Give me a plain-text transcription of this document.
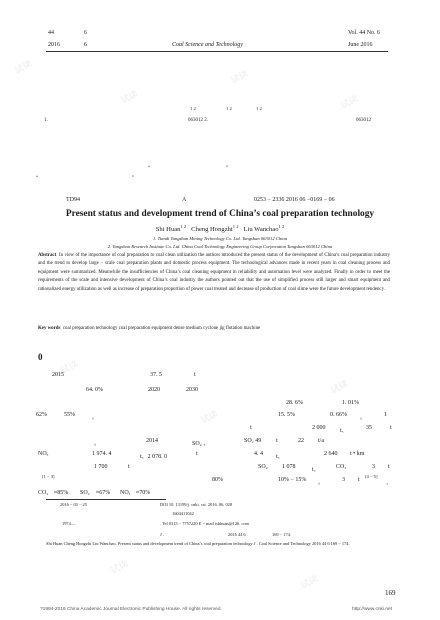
试读
试读
试读
试读
试读
试读
试读
试读
试读
44	6
2016	6	Coal Science and Technology
Vol. 44 No. 6
June 2016
1 2	1 2	1 2
1.	063012 2.	063012
“	”
“	”
TD94	A	0253 − 2336 2016 06 −0169 − 06
Present status and development trend of China’s coal preparation technology
Shi Huan$^{1 2}$ Cheng Hongzhi$^{1 2}$ Liu Wanchao$^{1 2}$
1. Tiandi Tangshan Mining Technology Co. Ltd. Tangshan 063012 China
2. Tangshan Research Institute Co. Ltd. China Coal Technology Engineering Group Corporation Tangshan 063012 China
Abstract In view of the importance of coal preparation to coal clean utilization the authors introduced the present status of the development of China’s coal preparation industry and the trend to develop large − scale coal preparation plants and domestic process equipment. The technological advances made in recent years in coal cleaning process and equipment were summarized. Meanwhile the insufficiencies of China’s coal cleaning equipment in reliability and automation level were analyzed. Finally in order to meet the requirements of the scale and intensive development of China’s coal industry the authors pointed out that the use of simplified process still larger and smart equipment and rationalized energy utilization as well as increase of preparation proportion of power coal treated and decrease of production of coal slime were the future development tendency.
Key words coal preparation technology coal preparation equipment dense medium cyclone jig flotation machine
0
2015	37. 5	t
64. 0%	2020	2030
28. 6%	1. 01%
62%	55%	。	15. 5%	0. 66% 。	1
t	2 000 t、	35	t
。	2014	SO₂ 、	SO₂ 49 t	22 t/a
NOₓ	1 974. 4	t、2 078. 0	t	4. 4 t、	2 640 t • km
1 700	t	SO₂ 1 078	t、	CO₂	3 t
[1 − 3]
80%	10% − 15% 。	3 t
[4 − 5]
、
CO₂ ≈85% SO₂ ≈67% NOₓ ≈70%
2016 − 03 − 25	DOI 10. 13199/j. cnki. cst. 2016. 06. 028
1604411042
1974—	. Tel 0315 − 7757220 E − mail tshhuan@126. com
J .	2016 44 6	169 − 174.
Shi Huan Cheng Hongzhi Liu Wanchao. Present status and development trend of China’s coal preparation technology J . Coal Science and Technology 2016 44 6 169 − 174.
169
?1994-2016 China Academic Journal Electronic Publishing House. All rights reserved.	http://www.cnki.net
